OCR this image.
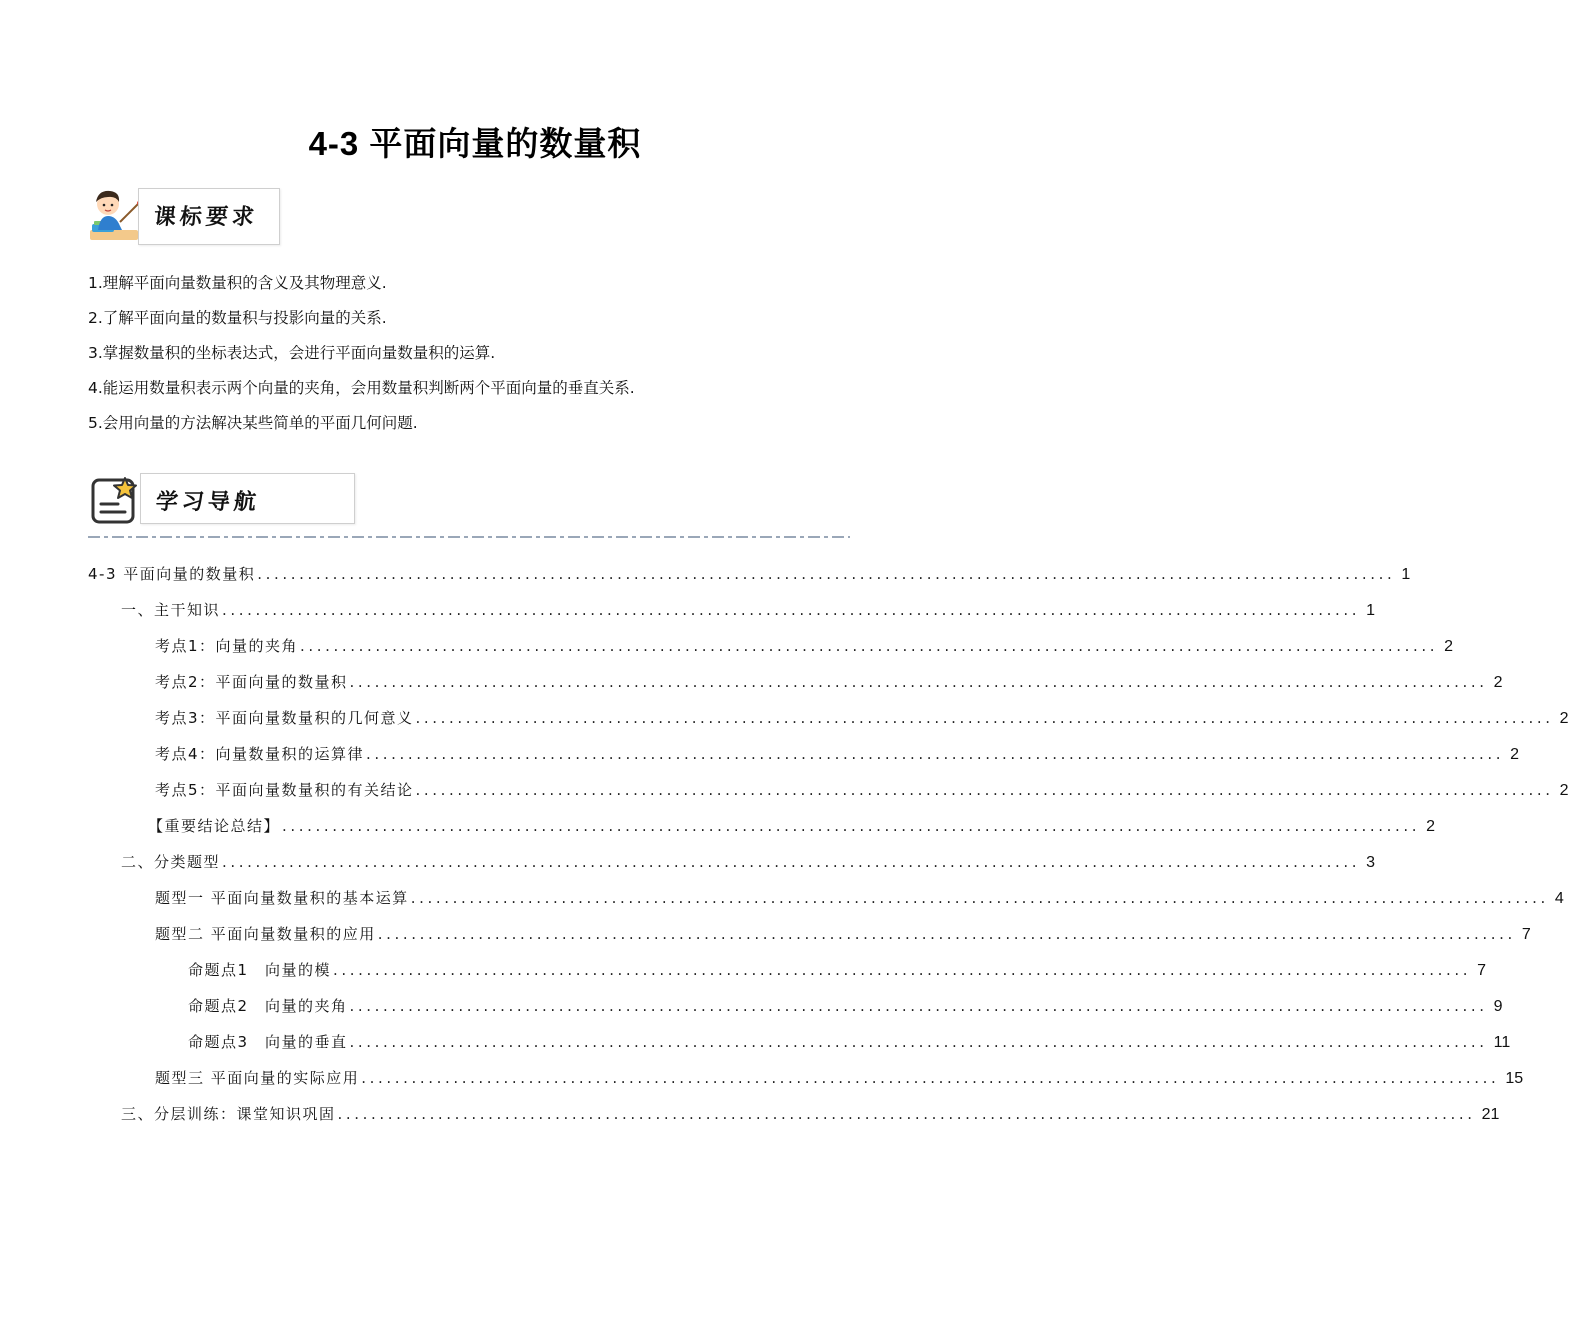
4-3 平面向量的数量积
课标要求
1.理解平面向量数量积的含义及其物理意义.
2.了解平面向量的数量积与投影向量的关系.
3.掌握数量积的坐标表达式，会进行平面向量数量积的运算.
4.能运用数量积表示两个向量的夹角，会用数量积判断两个平面向量的垂直关系.
5.会用向量的方法解决某些简单的平面几何问题.
学习导航
4-3 平面向量的数量积 ........................................................................................................................................ 1
一、主干知识 ........................................................................................................................................ 1
考点1：向量的夹角 ........................................................................................................................................ 2
考点2：平面向量的数量积 ........................................................................................................................................ 2
考点3：平面向量数量积的几何意义 ........................................................................................................................................ 2
考点4：向量数量积的运算律 ........................................................................................................................................ 2
考点5：平面向量数量积的有关结论 ........................................................................................................................................ 2
【重要结论总结】 ........................................................................................................................................ 2
二、分类题型 ........................................................................................................................................ 3
题型一 平面向量数量积的基本运算 ........................................................................................................................................ 4
题型二 平面向量数量积的应用 ........................................................................................................................................ 7
命题点1　向量的模 ........................................................................................................................................ 7
命题点2　向量的夹角 ........................................................................................................................................ 9
命题点3　向量的垂直 ........................................................................................................................................ 11
题型三 平面向量的实际应用 ........................................................................................................................................ 15
三、分层训练：课堂知识巩固 ........................................................................................................................................ 21
